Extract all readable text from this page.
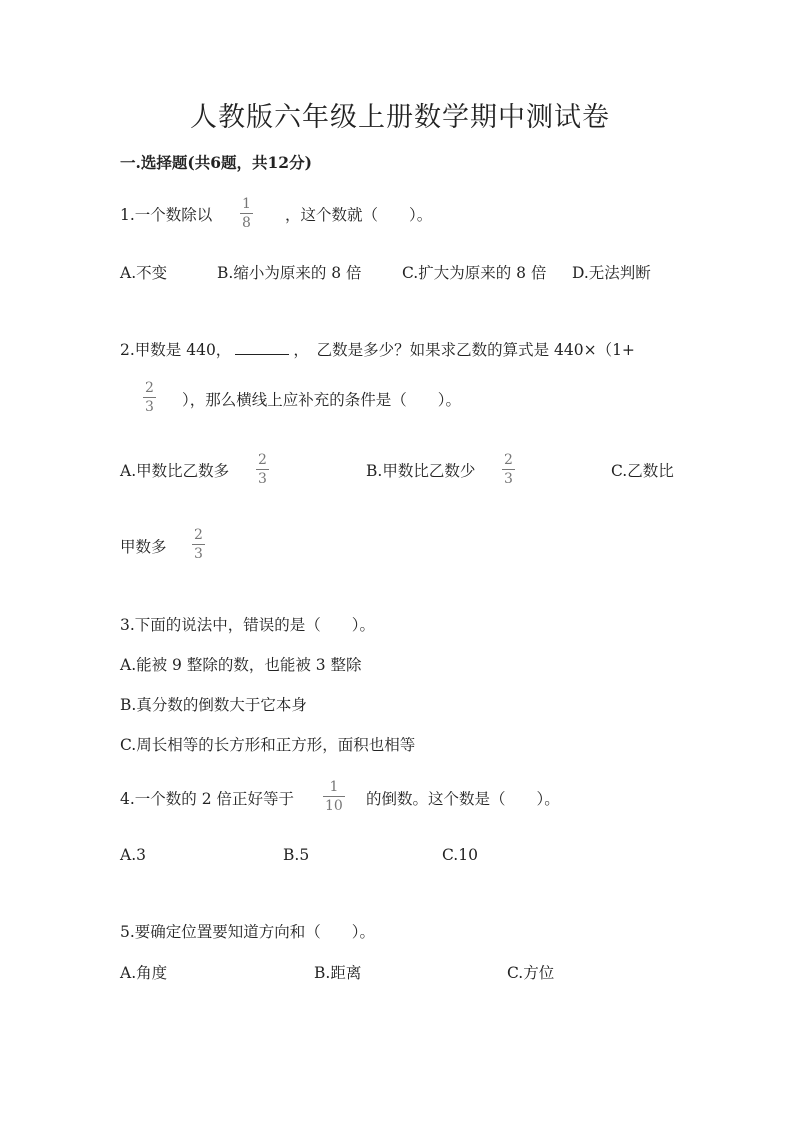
人教版六年级上册数学期中测试卷
一.选择题(共6题，共12分)
1.一个数除以
1
8 ，这个数就（　　）。
A.不变	B.缩小为原来的 8 倍	C.扩大为原来的 8 倍 D.无法判断
2.甲数是 440，	，　乙数是多少？如果求乙数的算式是 440×（1+
2
3 ），那么横线上应补充的条件是（　　）。
A.甲数比乙数多
2
3	B.甲数比乙数少
2
3	C.乙数比
甲数多
2
3
3.下面的说法中，错误的是（　　）。
A.能被 9 整除的数，也能被 3 整除
B.真分数的倒数大于它本身
C.周长相等的长方形和正方形，面积也相等
4.一个数的 2 倍正好等于
1
10 的倒数。这个数是（　　）。
A.3	B.5	C.10
5.要确定位置要知道方向和（　　）。
A.角度	B.距离	C.方位
